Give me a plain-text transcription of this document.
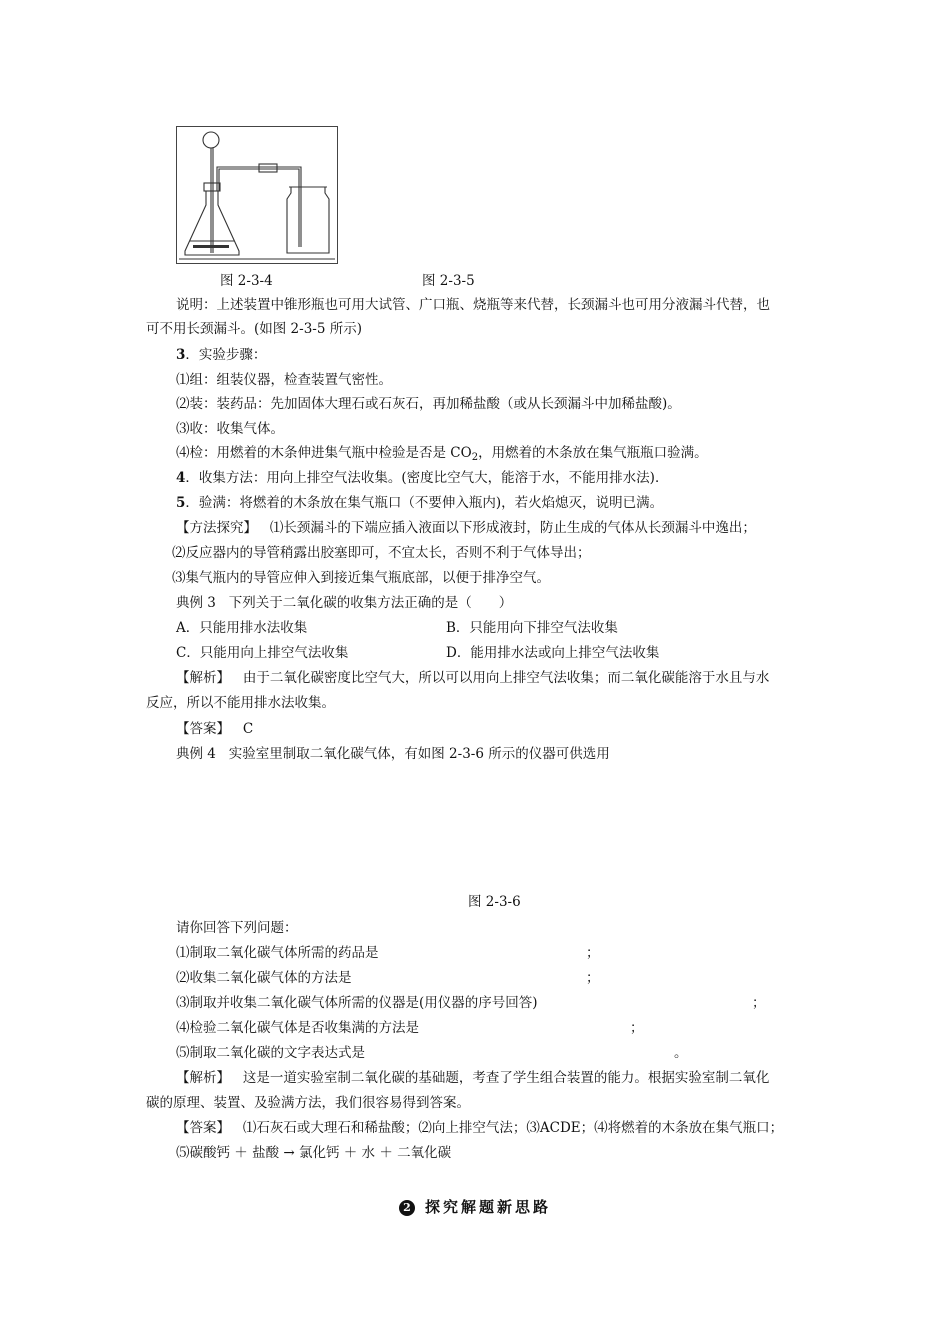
图 2-3-4	图 2-3-5
说明：上述装置中锥形瓶也可用大试管、广口瓶、烧瓶等来代替，长颈漏斗也可用分液漏斗代替，也
可不用长颈漏斗。(如图 2-3-5 所示)
3．实验步骤：
⑴组：组装仪器，检查装置气密性。
⑵装：装药品：先加固体大理石或石灰石，再加稀盐酸（或从长颈漏斗中加稀盐酸)。
⑶收：收集气体。
⑷检：用燃着的木条伸进集气瓶中检验是否是 $CO_2$，用燃着的木条放在集气瓶瓶口验满。
4．收集方法：用向上排空气法收集。(密度比空气大，能溶于水，不能用排水法)．
5．验满：将燃着的木条放在集气瓶口（不要伸入瓶内)，若火焰熄灭，说明已满。
【方法探究】 ⑴长颈漏斗的下端应插入液面以下形成液封，防止生成的气体从长颈漏斗中逸出；
⑵反应器内的导管稍露出胶塞即可，不宜太长，否则不利于气体导出；
⑶集气瓶内的导管应伸入到接近集气瓶底部，以便于排净空气。
典例 3 下列关于二氧化碳的收集方法正确的是（　　）
A．只能用排水法收集	B．只能用向下排空气法收集
C．只能用向上排空气法收集	D．能用排水法或向上排空气法收集
【解析】 由于二氧化碳密度比空气大，所以可以用向上排空气法收集；而二氧化碳能溶于水且与水
反应，所以不能用排水法收集。
【答案】 C
典例 4 实验室里制取二氧化碳气体，有如图 2-3-6 所示的仪器可供选用
图 2-3-6
请你回答下列问题：
⑴制取二氧化碳气体所需的药品是	；
⑵收集二氧化碳气体的方法是	；
⑶制取并收集二氧化碳气体所需的仪器是(用仪器的序号回答)	；
⑷检验二氧化碳气体是否收集满的方法是	；
⑸制取二氧化碳的文字表达式是	。
【解析】 这是一道实验室制二氧化碳的基础题，考查了学生组合装置的能力。根据实验室制二氧化
碳的原理、装置、及验满方法，我们很容易得到答案。
【答案】 ⑴石灰石或大理石和稀盐酸；⑵向上排空气法；⑶ACDE；⑷将燃着的木条放在集气瓶口；
⑸碳酸钙 ＋ 盐酸 → 氯化钙 ＋ 水 ＋ 二氧化碳
2 探究解题新思路
